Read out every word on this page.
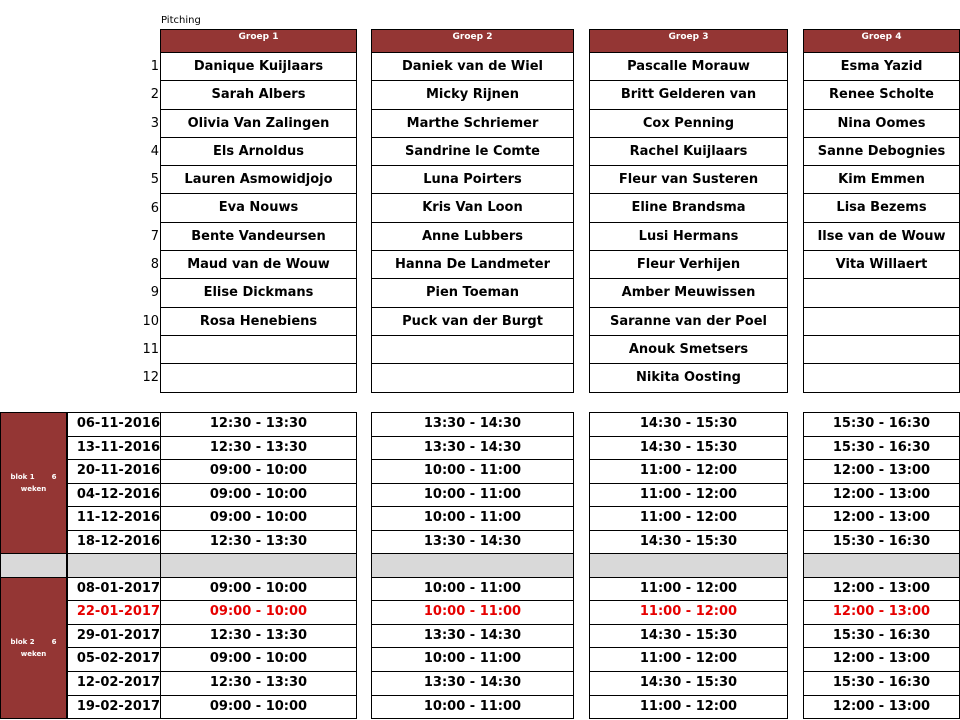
Pitching
Groep 1
Danique Kuijlaars
Sarah Albers
Olivia Van Zalingen
Els Arnoldus
Lauren Asmowidjojo
Eva Nouws
Bente Vandeursen
Maud van de Wouw
Elise Dickmans
Rosa Henebiens
Groep 2
Daniek van de Wiel
Micky Rijnen
Marthe Schriemer
Sandrine le Comte
Luna Poirters
Kris Van Loon
Anne Lubbers
Hanna De Landmeter
Pien Toeman
Puck van der Burgt
Groep 3
Pascalle Morauw
Britt Gelderen van
Cox Penning
Rachel Kuijlaars
Fleur van Susteren
Eline Brandsma
Lusi Hermans
Fleur Verhijen
Amber Meuwissen
Saranne van der Poel
Anouk Smetsers
Nikita Oosting
Groep 4
Esma Yazid
Renee Scholte
Nina Oomes
Sanne Debognies
Kim Emmen
Lisa Bezems
Ilse van de Wouw
Vita Willaert
1
2
3
4
5
6
7
8
9
10
11
12
06-11-2016
13-11-2016
20-11-2016
04-12-2016
11-12-2016
18-12-2016
08-01-2017
22-01-2017
29-01-2017
05-02-2017
12-02-2017
19-02-2017
12:30 - 13:30
12:30 - 13:30
09:00 - 10:00
09:00 - 10:00
09:00 - 10:00
12:30 - 13:30
09:00 - 10:00
09:00 - 10:00
12:30 - 13:30
09:00 - 10:00
12:30 - 13:30
09:00 - 10:00
13:30 - 14:30
13:30 - 14:30
10:00 - 11:00
10:00 - 11:00
10:00 - 11:00
13:30 - 14:30
10:00 - 11:00
10:00 - 11:00
13:30 - 14:30
10:00 - 11:00
13:30 - 14:30
10:00 - 11:00
14:30 - 15:30
14:30 - 15:30
11:00 - 12:00
11:00 - 12:00
11:00 - 12:00
14:30 - 15:30
11:00 - 12:00
11:00 - 12:00
14:30 - 15:30
11:00 - 12:00
14:30 - 15:30
11:00 - 12:00
15:30 - 16:30
15:30 - 16:30
12:00 - 13:00
12:00 - 13:00
12:00 - 13:00
15:30 - 16:30
12:00 - 13:00
12:00 - 13:00
15:30 - 16:30
12:00 - 13:00
15:30 - 16:30
12:00 - 13:00
blok 1       6
weken
blok 2       6
weken
